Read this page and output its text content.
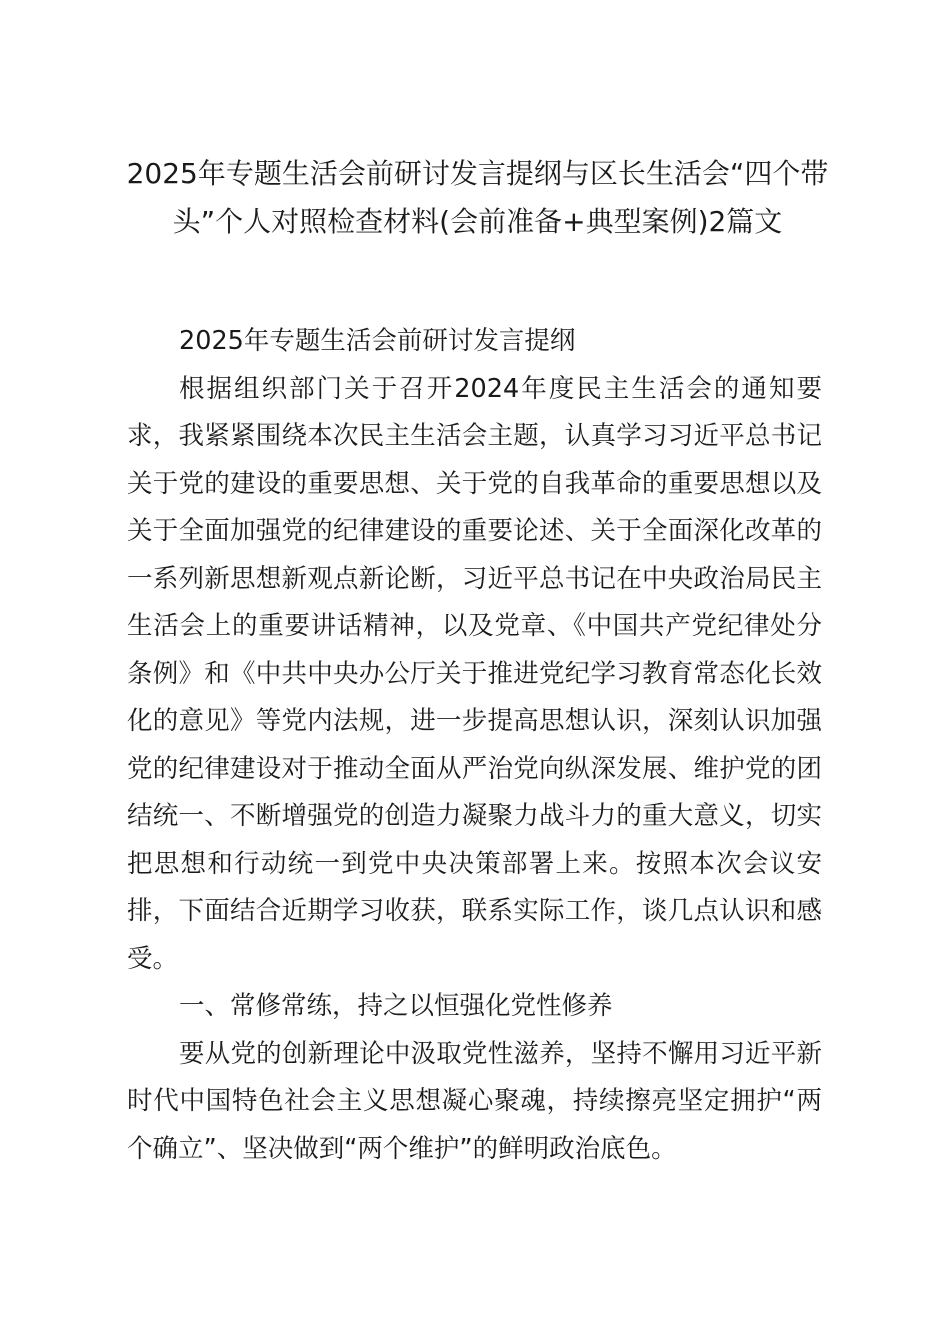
2025年专题生活会前研讨发言提纲与区长生活会“四个带头”个人对照检查材料(会前准备+典型案例)2篇文

2025年专题生活会前研讨发言提纲

根据组织部门关于召开2024年度民主生活会的通知要求，我紧紧围绕本次民主生活会主题，认真学习习近平总书记关于党的建设的重要思想、关于党的自我革命的重要思想以及关于全面加强党的纪律建设的重要论述、关于全面深化改革的一系列新思想新观点新论断，习近平总书记在中央政治局民主生活会上的重要讲话精神，以及党章、《中国共产党纪律处分条例》和《中共中央办公厅关于推进党纪学习教育常态化长效化的意见》等党内法规，进一步提高思想认识，深刻认识加强党的纪律建设对于推动全面从严治党向纵深发展、维护党的团结统一、不断增强党的创造力凝聚力战斗力的重大意义，切实把思想和行动统一到党中央决策部署上来。按照本次会议安排，下面结合近期学习收获，联系实际工作，谈几点认识和感受。

一、常修常练，持之以恒强化党性修养

要从党的创新理论中汲取党性滋养，坚持不懈用习近平新时代中国特色社会主义思想凝心聚魂，持续擦亮坚定拥护“两个确立”、坚决做到“两个维护”的鲜明政治底色。
